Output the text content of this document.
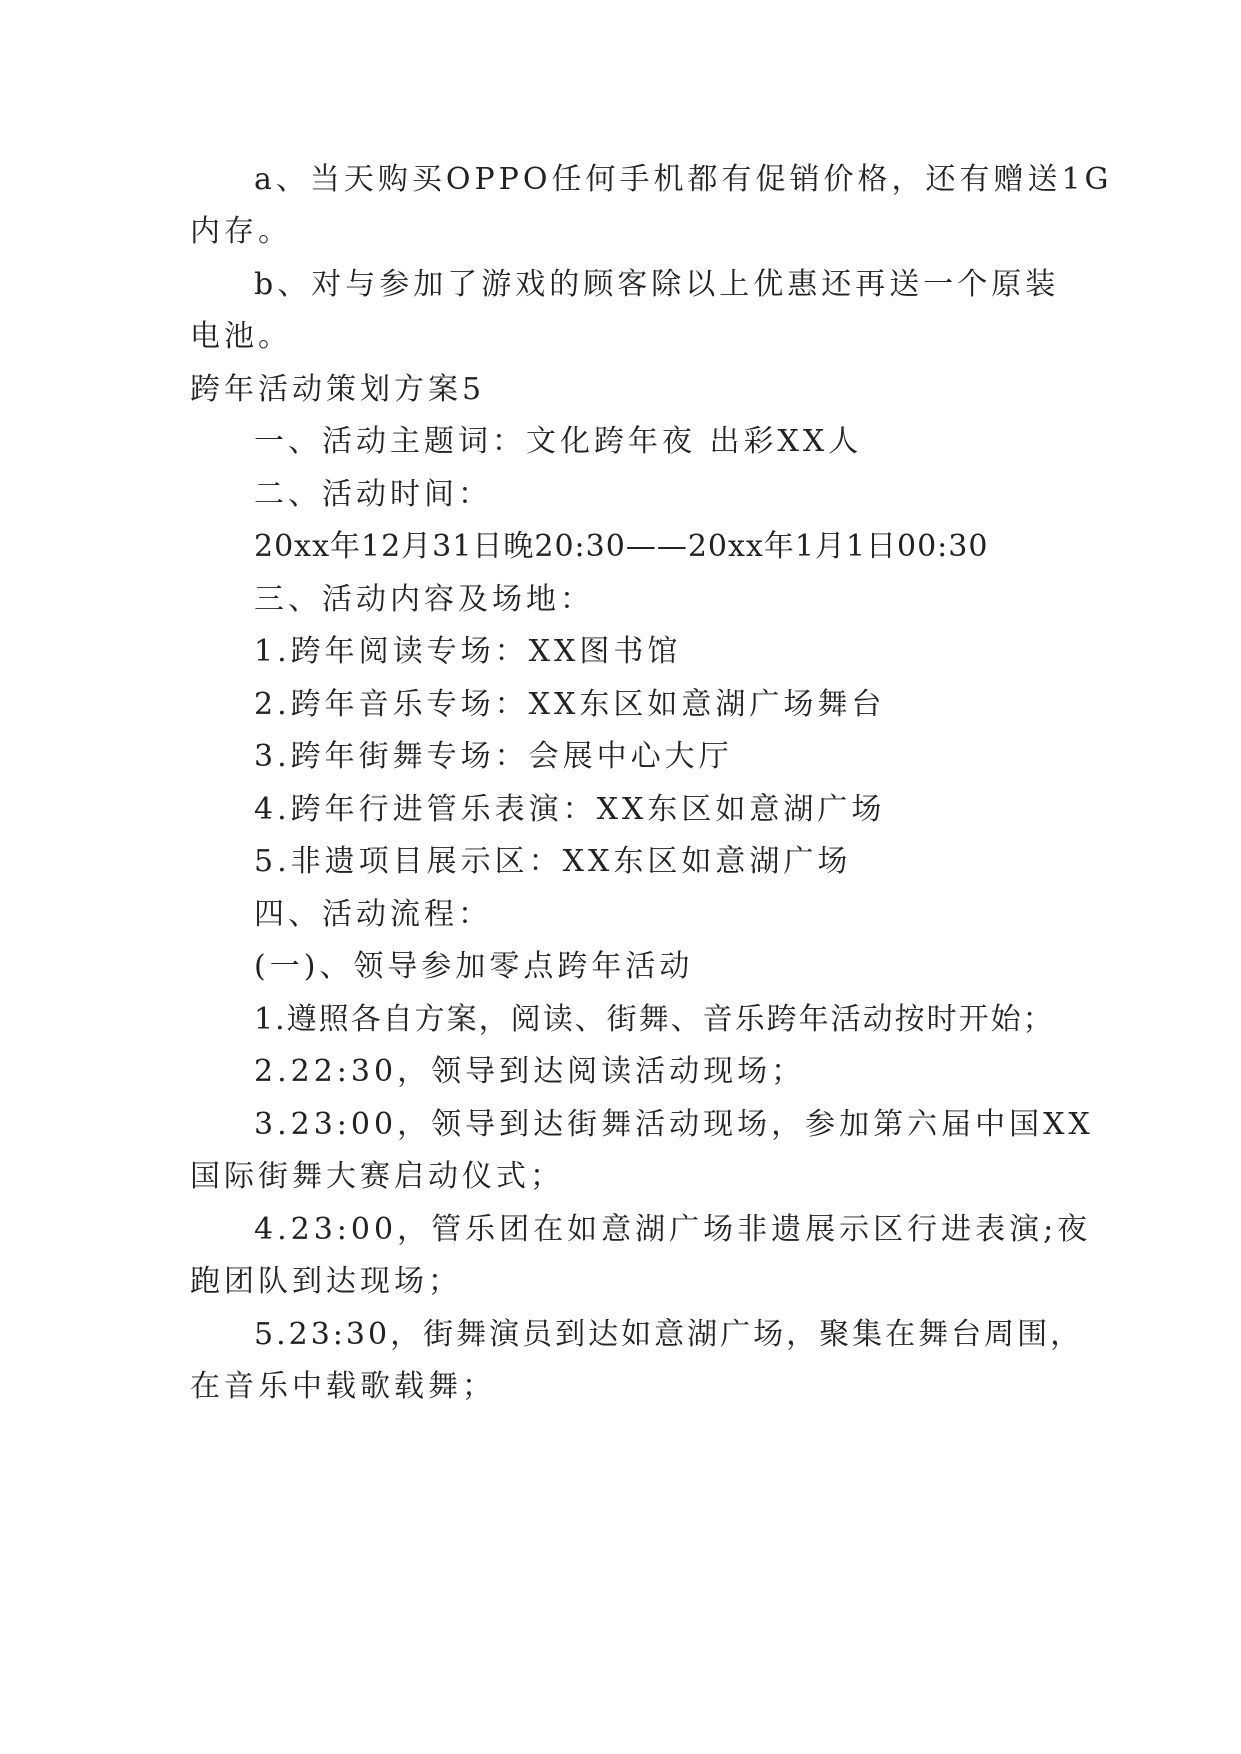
a、当天购买OPPO任何手机都有促销价格，还有赠送1G
内存。
b、对与参加了游戏的顾客除以上优惠还再送一个原装
电池。
跨年活动策划方案5
一、活动主题词：文化跨年夜 出彩XX人
二、活动时间：
20xx年12月31日晚20:30——20xx年1月1日00:30
三、活动内容及场地：
1.跨年阅读专场：XX图书馆
2.跨年音乐专场：XX东区如意湖广场舞台
3.跨年街舞专场：会展中心大厅
4.跨年行进管乐表演：XX东区如意湖广场
5.非遗项目展示区：XX东区如意湖广场
四、活动流程：
(一)、领导参加零点跨年活动
1.遵照各自方案，阅读、街舞、音乐跨年活动按时开始；
2.22:30，领导到达阅读活动现场；
3.23:00，领导到达街舞活动现场，参加第六届中国XX
国际街舞大赛启动仪式；
4.23:00，管乐团在如意湖广场非遗展示区行进表演;夜
跑团队到达现场；
5.23:30，街舞演员到达如意湖广场，聚集在舞台周围，
在音乐中载歌载舞；
